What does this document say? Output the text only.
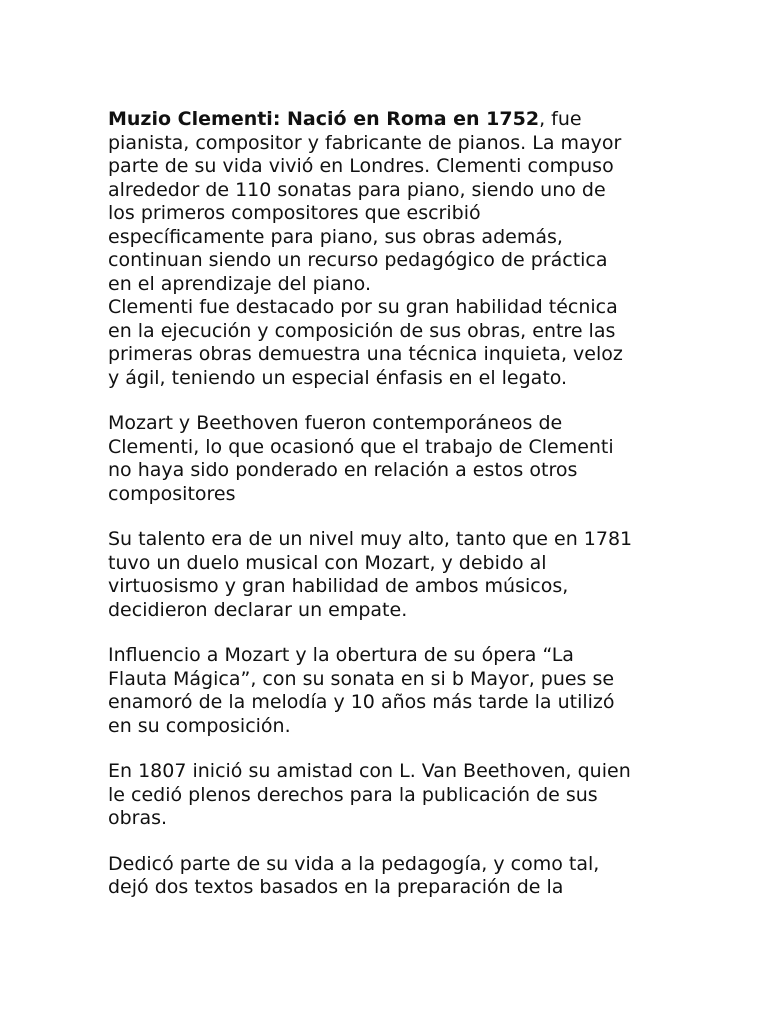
Muzio Clementi: Nació en Roma en 1752, fue
pianista, compositor y fabricante de pianos. La mayor
parte de su vida vivió en Londres. Clementi compuso
alrededor de 110 sonatas para piano, siendo uno de
los primeros compositores que escribió
específicamente para piano, sus obras además,
continuan siendo un recurso pedagógico de práctica
en el aprendizaje del piano.

Clementi fue destacado por su gran habilidad técnica
en la ejecución y composición de sus obras, entre las
primeras obras demuestra una técnica inquieta, veloz
y ágil, teniendo un especial énfasis en el legato.

Mozart y Beethoven fueron contemporáneos de
Clementi, lo que ocasionó que el trabajo de Clementi
no haya sido ponderado en relación a estos otros
compositores

Su talento era de un nivel muy alto, tanto que en 1781
tuvo un duelo musical con Mozart, y debido al
virtuosismo y gran habilidad de ambos músicos,
decidieron declarar un empate.

Influencio a Mozart y la obertura de su ópera “La
Flauta Mágica”, con su sonata en si b Mayor, pues se
enamoró de la melodía y 10 años más tarde la utilizó
en su composición.

En 1807 inició su amistad con L. Van Beethoven, quien
le cedió plenos derechos para la publicación de sus
obras.

Dedicó parte de su vida a la pedagogía, y como tal,
dejó dos textos basados en la preparación de la
